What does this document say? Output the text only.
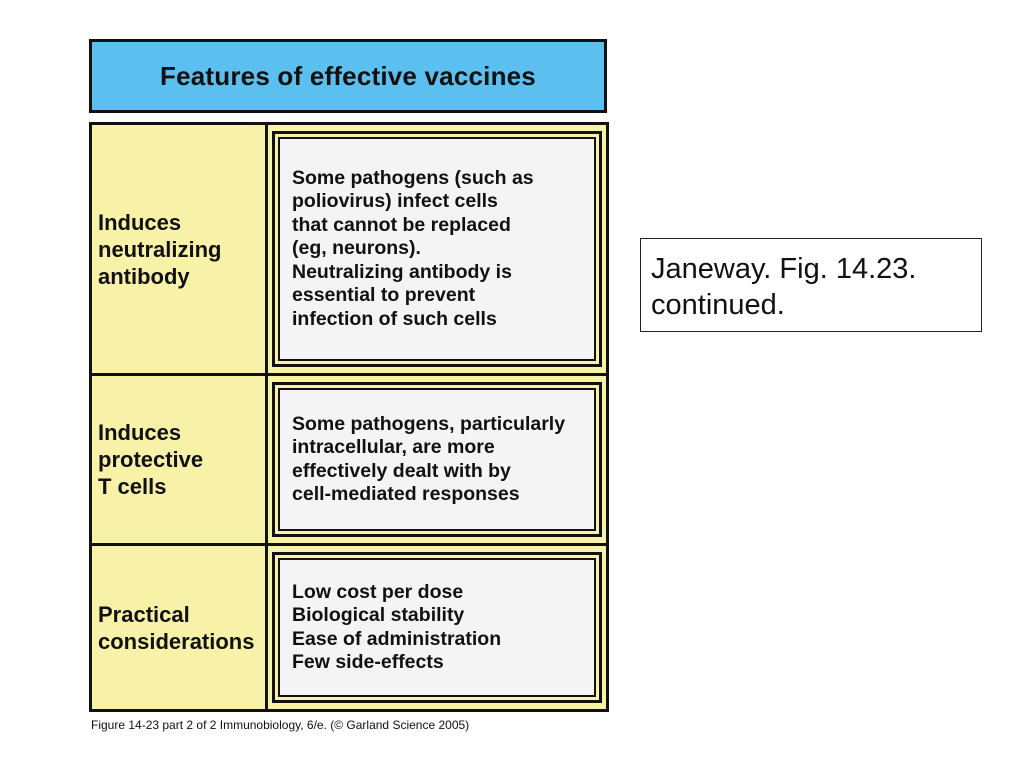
Features of effective vaccines
Induces
neutralizing
antibody
Some pathogens (such as
poliovirus) infect cells
that cannot be replaced
(eg, neurons).
Neutralizing antibody is
essential to prevent
infection of such cells
Induces
protective
T cells
Some pathogens, particularly
intracellular, are more
effectively dealt with by
cell-mediated responses
Practical
considerations
Low cost per dose
Biological stability
Ease of administration
Few side-effects
Figure 14-23 part 2 of 2 Immunobiology, 6/e. (© Garland Science 2005)
Janeway. Fig. 14.23.
continued.
